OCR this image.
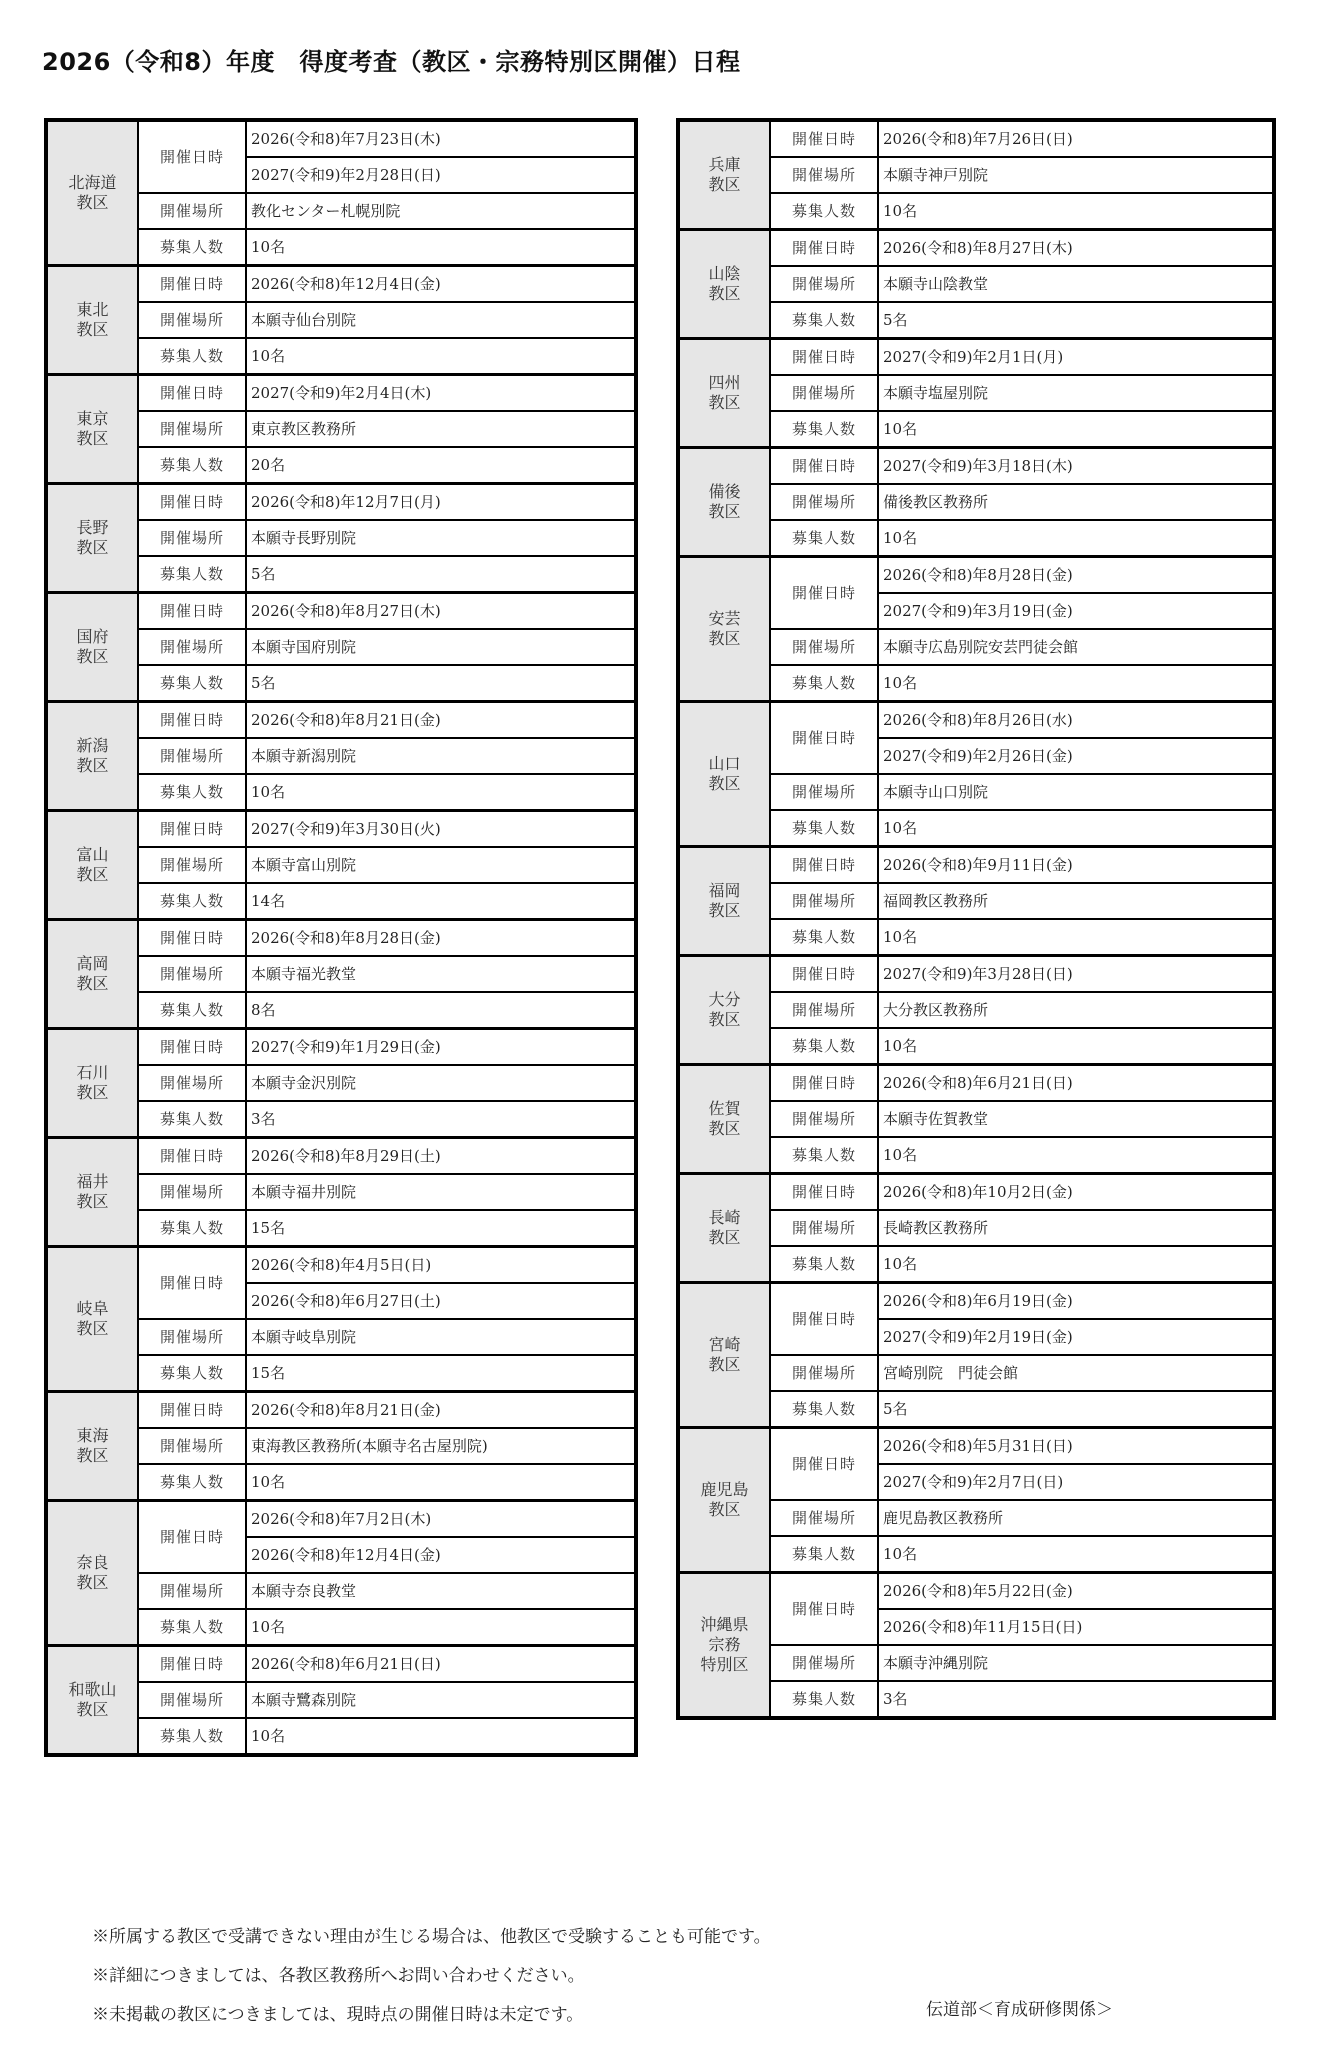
2026（令和8）年度　得度考査（教区・宗務特別区開催）日程
北海道
教区	開催日時	2026(令和8)年7月23日(木)
		2027(令和9)年2月28日(日)
	開催場所	教化センター札幌別院
	募集人数	10名

東北
教区	開催日時	2026(令和8)年12月4日(金)
	開催場所	本願寺仙台別院
	募集人数	10名

東京
教区	開催日時	2027(令和9)年2月4日(木)
	開催場所	東京教区教務所
	募集人数	20名

長野
教区	開催日時	2026(令和8)年12月7日(月)
	開催場所	本願寺長野別院
	募集人数	5名

国府
教区	開催日時	2026(令和8)年8月27日(木)
	開催場所	本願寺国府別院
	募集人数	5名

新潟
教区	開催日時	2026(令和8)年8月21日(金)
	開催場所	本願寺新潟別院
	募集人数	10名

富山
教区	開催日時	2027(令和9)年3月30日(火)
	開催場所	本願寺富山別院
	募集人数	14名

高岡
教区	開催日時	2026(令和8)年8月28日(金)
	開催場所	本願寺福光教堂
	募集人数	8名

石川
教区	開催日時	2027(令和9)年1月29日(金)
	開催場所	本願寺金沢別院
	募集人数	3名

福井
教区	開催日時	2026(令和8)年8月29日(土)
	開催場所	本願寺福井別院
	募集人数	15名

岐阜
教区	開催日時	2026(令和8)年4月5日(日)
		2026(令和8)年6月27日(土)
	開催場所	本願寺岐阜別院
	募集人数	15名

東海
教区	開催日時	2026(令和8)年8月21日(金)
	開催場所	東海教区教務所(本願寺名古屋別院)
	募集人数	10名

奈良
教区	開催日時	2026(令和8)年7月2日(木)
		2026(令和8)年12月4日(金)
	開催場所	本願寺奈良教堂
	募集人数	10名

和歌山
教区	開催日時	2026(令和8)年6月21日(日)
	開催場所	本願寺鷺森別院
	募集人数	10名
兵庫
教区	開催日時	2026(令和8)年7月26日(日)
	開催場所	本願寺神戸別院
	募集人数	10名

山陰
教区	開催日時	2026(令和8)年8月27日(木)
	開催場所	本願寺山陰教堂
	募集人数	5名

四州
教区	開催日時	2027(令和9)年2月1日(月)
	開催場所	本願寺塩屋別院
	募集人数	10名

備後
教区	開催日時	2027(令和9)年3月18日(木)
	開催場所	備後教区教務所
	募集人数	10名

安芸
教区	開催日時	2026(令和8)年8月28日(金)
		2027(令和9)年3月19日(金)
	開催場所	本願寺広島別院安芸門徒会館
	募集人数	10名

山口
教区	開催日時	2026(令和8)年8月26日(水)
		2027(令和9)年2月26日(金)
	開催場所	本願寺山口別院
	募集人数	10名

福岡
教区	開催日時	2026(令和8)年9月11日(金)
	開催場所	福岡教区教務所
	募集人数	10名

大分
教区	開催日時	2027(令和9)年3月28日(日)
	開催場所	大分教区教務所
	募集人数	10名

佐賀
教区	開催日時	2026(令和8)年6月21日(日)
	開催場所	本願寺佐賀教堂
	募集人数	10名

長崎
教区	開催日時	2026(令和8)年10月2日(金)
	開催場所	長崎教区教務所
	募集人数	10名

宮崎
教区	開催日時	2026(令和8)年6月19日(金)
		2027(令和9)年2月19日(金)
	開催場所	宮崎別院　門徒会館
	募集人数	5名

鹿児島
教区	開催日時	2026(令和8)年5月31日(日)
		2027(令和9)年2月7日(日)
	開催場所	鹿児島教区教務所
	募集人数	10名

沖縄県
宗務
特別区	開催日時	2026(令和8)年5月22日(金)
		2026(令和8)年11月15日(日)
	開催場所	本願寺沖縄別院
	募集人数	3名
※所属する教区で受講できない理由が生じる場合は、他教区で受験することも可能です。
※詳細につきましては、各教区教務所へお問い合わせください。
※未掲載の教区につきましては、現時点の開催日時は未定です。	伝道部＜育成研修関係＞
